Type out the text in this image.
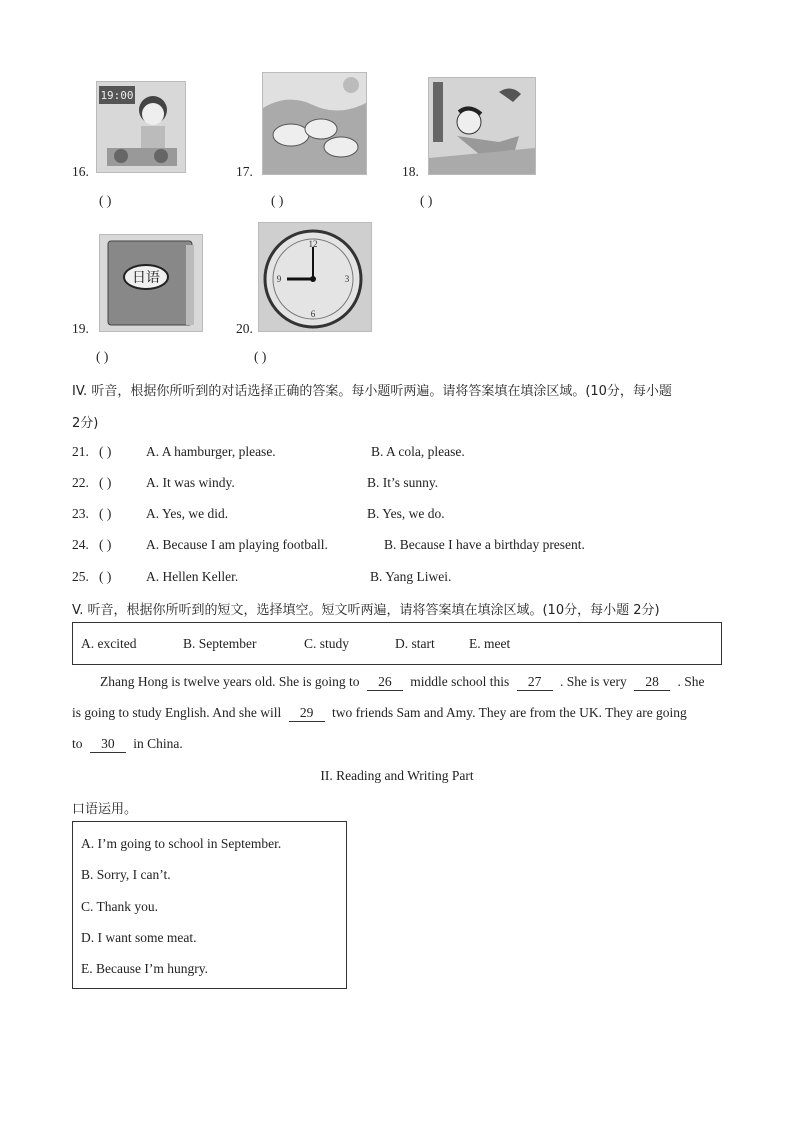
19:00
16.
( )
17.
( )
18.
( )
日语
19.
( )
12
3
6
9
20.
( )
IV. 听音，根据你所听到的对话选择正确的答案。每小题听两遍。请将答案填在填涂区域。(10分，每小题
2分)
21. ( )	A. A hamburger, please.	B. A cola, please.
22. ( )	A. It was windy.	B. It’s sunny.
23. ( )	A. Yes, we did.	B. Yes, we do.
24. ( )	A. Because I am playing football.	B. Because I have a birthday present.
25. ( )	A. Hellen Keller.	B. Yang Liwei.
V. 听音，根据你所听到的短文，选择填空。短文听两遍，请将答案填在填涂区域。(10分，每小题 2分)
A. excited	B. September	C. study	D. start	E. meet
Zhang Hong is twelve years old. She is going to 26 middle school this 27 . She is very 28 . She
is going to study English. And she will 29 two friends Sam and Amy. They are from the UK. They are going
to 30 in China.
II. Reading and Writing Part
口语运用。
A. I’m going to school in September.
B. Sorry, I can’t.
C. Thank you.
D. I want some meat.
E. Because I’m hungry.
